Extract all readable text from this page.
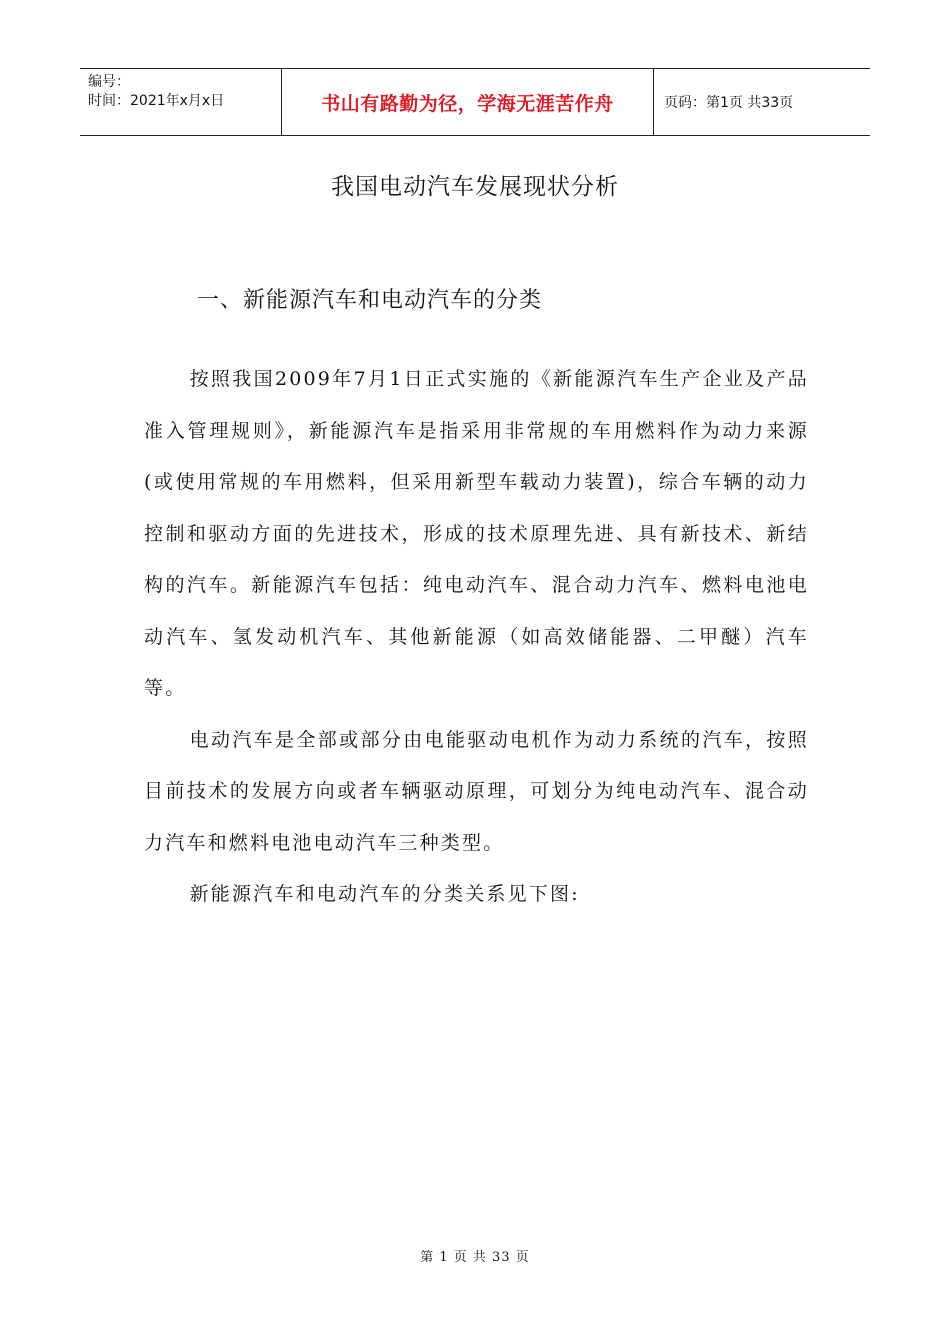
编号：
时间：2021年x月x日	书山有路勤为径，学海无涯苦作舟	页码：第1页 共33页
我国电动汽车发展现状分析
一、新能源汽车和电动汽车的分类

按照我国2009年7月1日正式实施的《新能源汽车生产企业及产品准入管理规则》，新能源汽车是指采用非常规的车用燃料作为动力来源(或使用常规的车用燃料，但采用新型车载动力装置)，综合车辆的动力控制和驱动方面的先进技术，形成的技术原理先进、具有新技术、新结构的汽车。新能源汽车包括：纯电动汽车、混合动力汽车、燃料电池电动汽车、氢发动机汽车、其他新能源（如高效储能器、二甲醚）汽车等。

电动汽车是全部或部分由电能驱动电机作为动力系统的汽车，按照目前技术的发展方向或者车辆驱动原理，可划分为纯电动汽车、混合动力汽车和燃料电池电动汽车三种类型。

新能源汽车和电动汽车的分类关系见下图:

第 1 页 共 33 页
